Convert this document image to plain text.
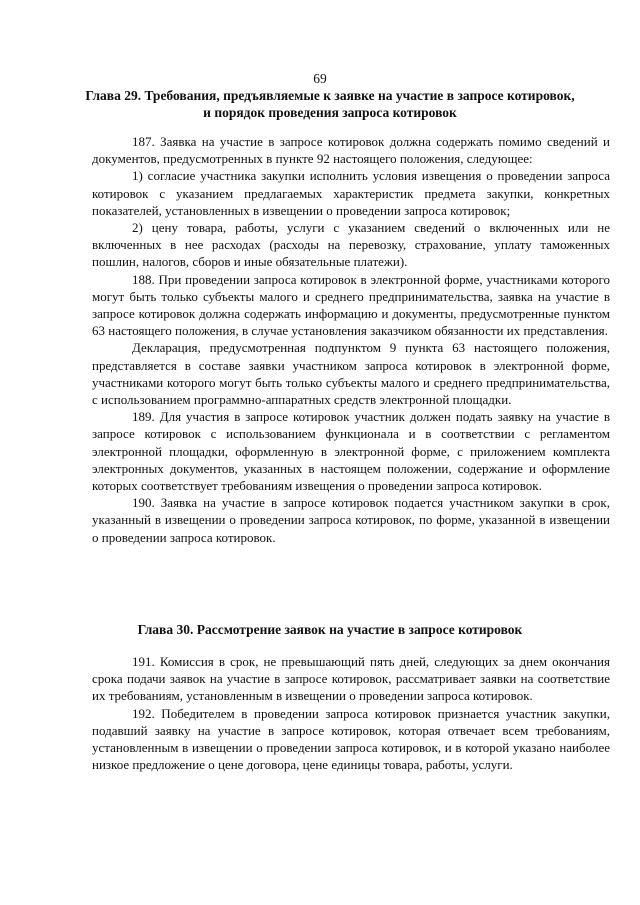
69
Глава 29. Требования, предъявляемые к заявке на участие в запросе котировок, и порядок проведения запроса котировок

187. Заявка на участие в запросе котировок должна содержать помимо сведений и документов, предусмотренных в пункте 92 настоящего положения, следующее:

1) согласие участника закупки исполнить условия извещения о проведении запроса котировок с указанием предлагаемых характеристик предмета закупки, конкретных показателей, установленных в извещении о проведении запроса котировок;

2) цену товара, работы, услуги с указанием сведений о включенных или не включенных в нее расходах (расходы на перевозку, страхование, уплату таможенных пошлин, налогов, сборов и иные обязательные платежи).

188. При проведении запроса котировок в электронной форме, участниками которого могут быть только субъекты малого и среднего предпринимательства, заявка на участие в запросе котировок должна содержать информацию и документы, предусмотренные пунктом 63 настоящего положения, в случае установления заказчиком обязанности их представления.

Декларация, предусмотренная подпунктом 9 пункта 63 настоящего положения, представляется в составе заявки участником запроса котировок в электронной форме, участниками которого могут быть только субъекты малого и среднего предпринимательства, с использованием программно-аппаратных средств электронной площадки.

189. Для участия в запросе котировок участник должен подать заявку на участие в запросе котировок с использованием функционала и в соответствии с регламентом электронной площадки, оформленную в электронной форме, с приложением комплекта электронных документов, указанных в настоящем положении, содержание и оформление которых соответствует требованиям извещения о проведении запроса котировок.

190. Заявка на участие в запросе котировок подается участником закупки в срок, указанный в извещении о проведении запроса котировок, по форме, указанной в извещении о проведении запроса котировок.

Глава 30. Рассмотрение заявок на участие в запросе котировок

191. Комиссия в срок, не превышающий пять дней, следующих за днем окончания срока подачи заявок на участие в запросе котировок, рассматривает заявки на соответствие их требованиям, установленным в извещении о проведении запроса котировок.

192. Победителем в проведении запроса котировок признается участник закупки, подавший заявку на участие в запросе котировок, которая отвечает всем требованиям, установленным в извещении о проведении запроса котировок, и в которой указано наиболее низкое предложение о цене договора, цене единицы товара, работы, услуги.
